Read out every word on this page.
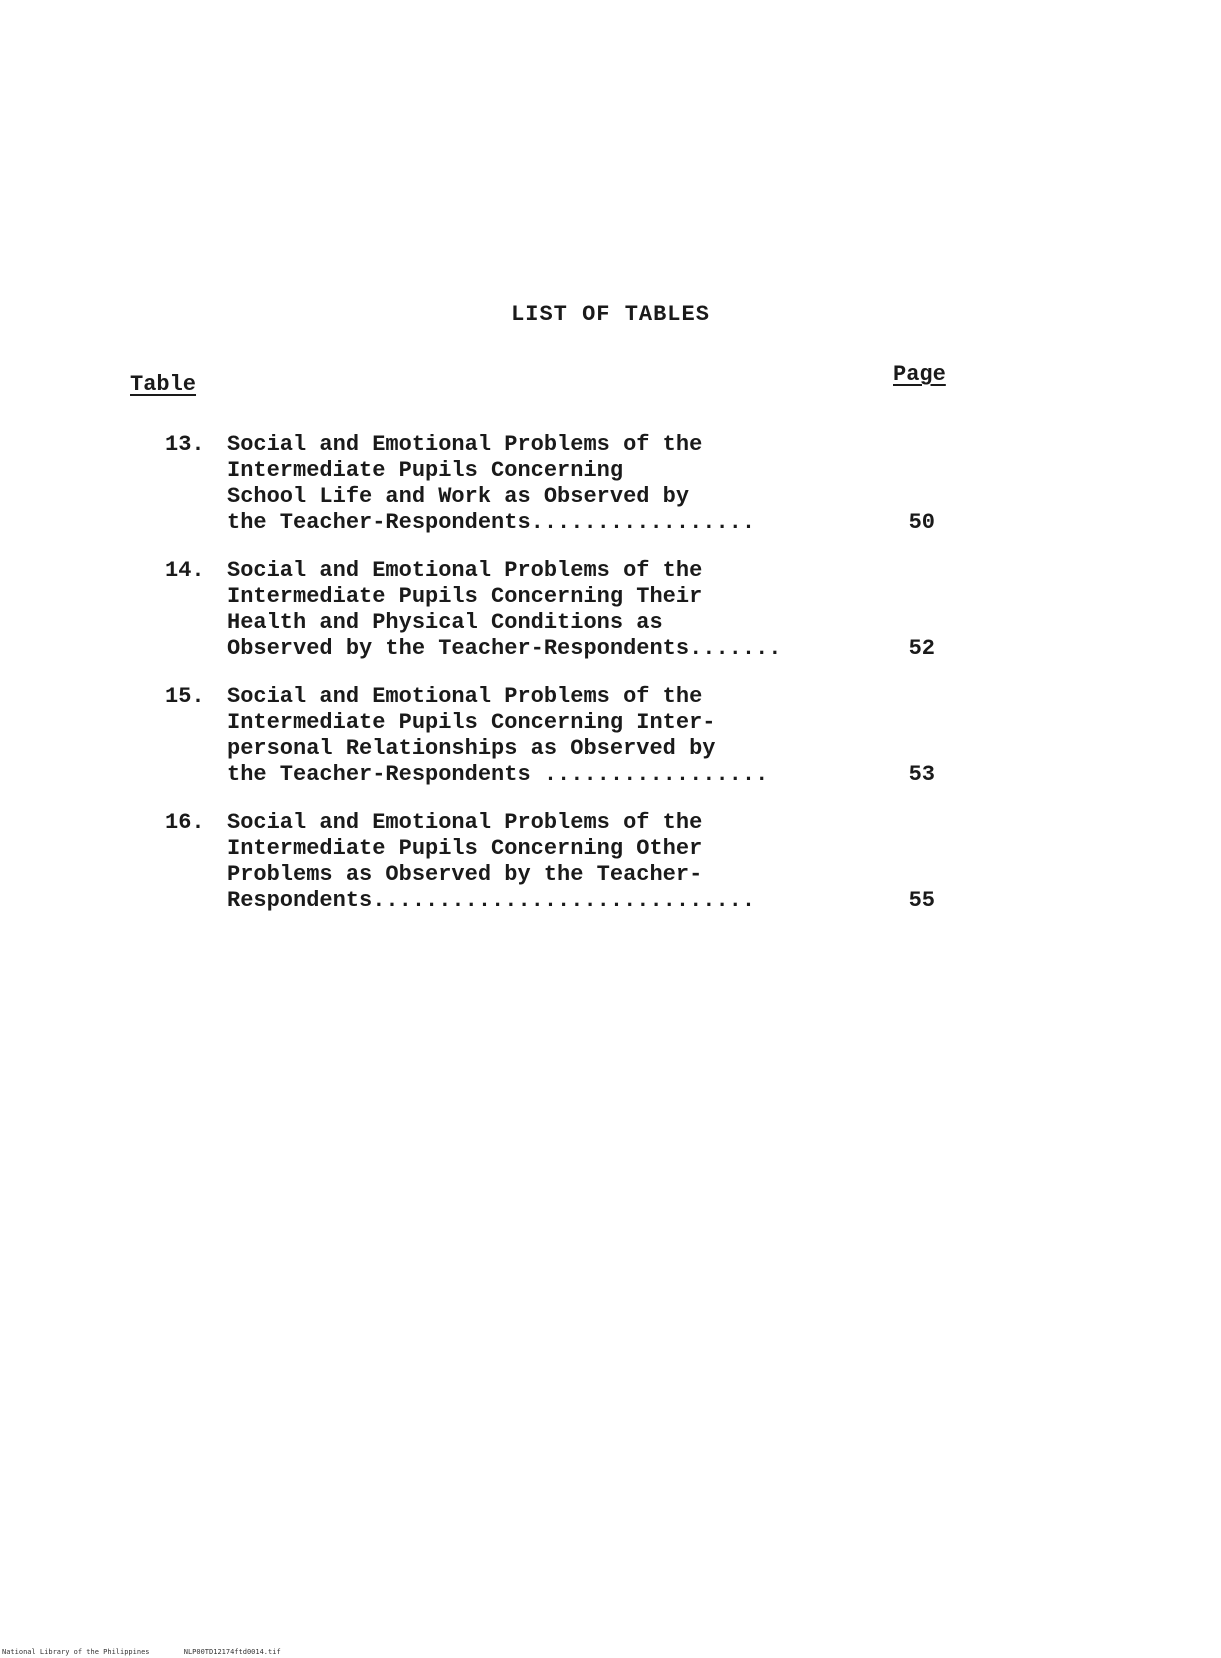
LIST OF TABLES
Table	Page
13. Social and Emotional Problems of the
Intermediate Pupils Concerning
School Life and Work as Observed by
the Teacher-Respondents.................	50
14. Social and Emotional Problems of the
Intermediate Pupils Concerning Their
Health and Physical Conditions as
Observed by the Teacher-Respondents.......	52
15. Social and Emotional Problems of the
Intermediate Pupils Concerning Inter-
personal Relationships as Observed by
the Teacher-Respondents .................	53
16. Social and Emotional Problems of the
Intermediate Pupils Concerning Other
Problems as Observed by the Teacher-
Respondents.............................	55
National Library of the Philippines	NLP00TD12174ftd0014.tif
